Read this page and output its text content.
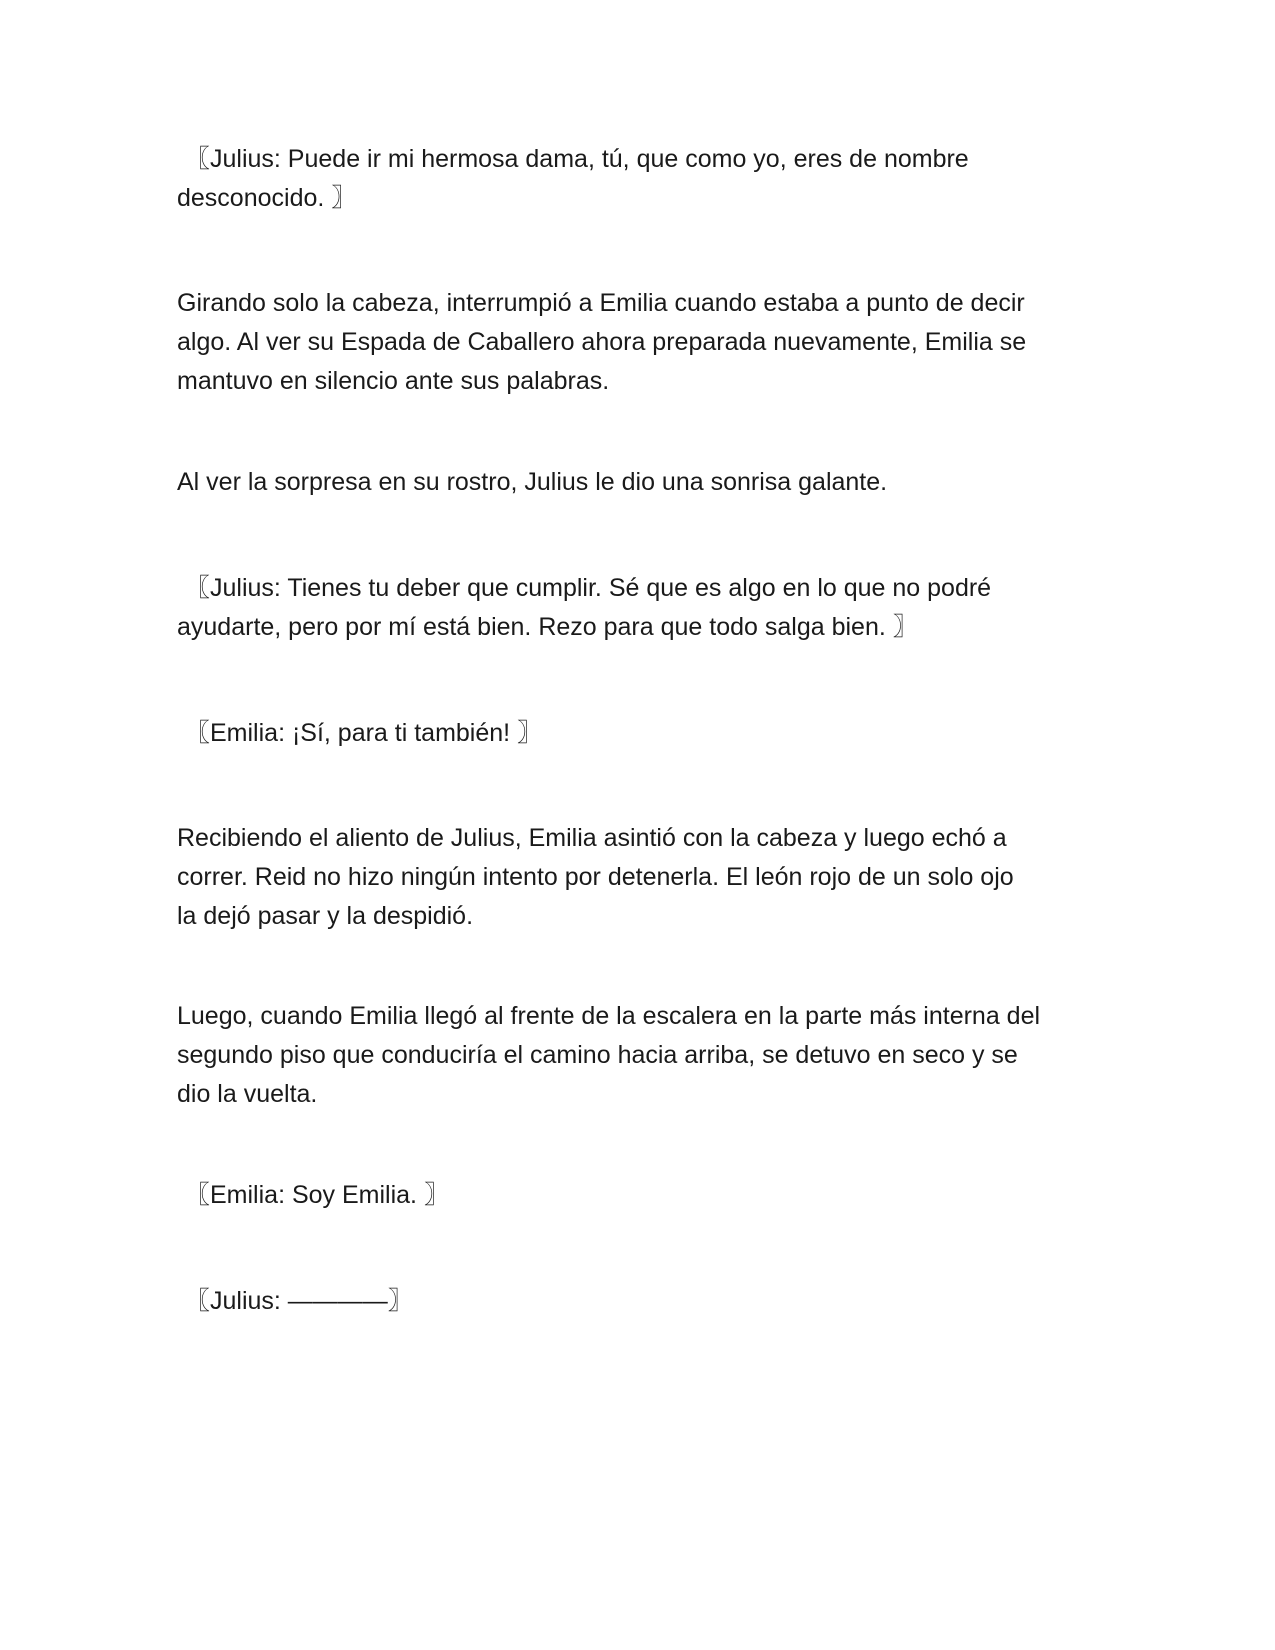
〖Julius: Puede ir mi hermosa dama, tú, que como yo, eres de nombre
desconocido. 〗
Girando solo la cabeza, interrumpió a Emilia cuando estaba a punto de decir
algo. Al ver su Espada de Caballero ahora preparada nuevamente, Emilia se
mantuvo en silencio ante sus palabras.
Al ver la sorpresa en su rostro, Julius le dio una sonrisa galante.
〖Julius: Tienes tu deber que cumplir. Sé que es algo en lo que no podré
ayudarte, pero por mí está bien. Rezo para que todo salga bien. 〗
〖Emilia: ¡Sí, para ti también! 〗
Recibiendo el aliento de Julius, Emilia asintió con la cabeza y luego echó a
correr. Reid no hizo ningún intento por detenerla. El león rojo de un solo ojo
la dejó pasar y la despidió.
Luego, cuando Emilia llegó al frente de la escalera en la parte más interna del
segundo piso que conduciría el camino hacia arriba, se detuvo en seco y se
dio la vuelta.
〖Emilia: Soy Emilia. 〗
〖Julius: ————〗
